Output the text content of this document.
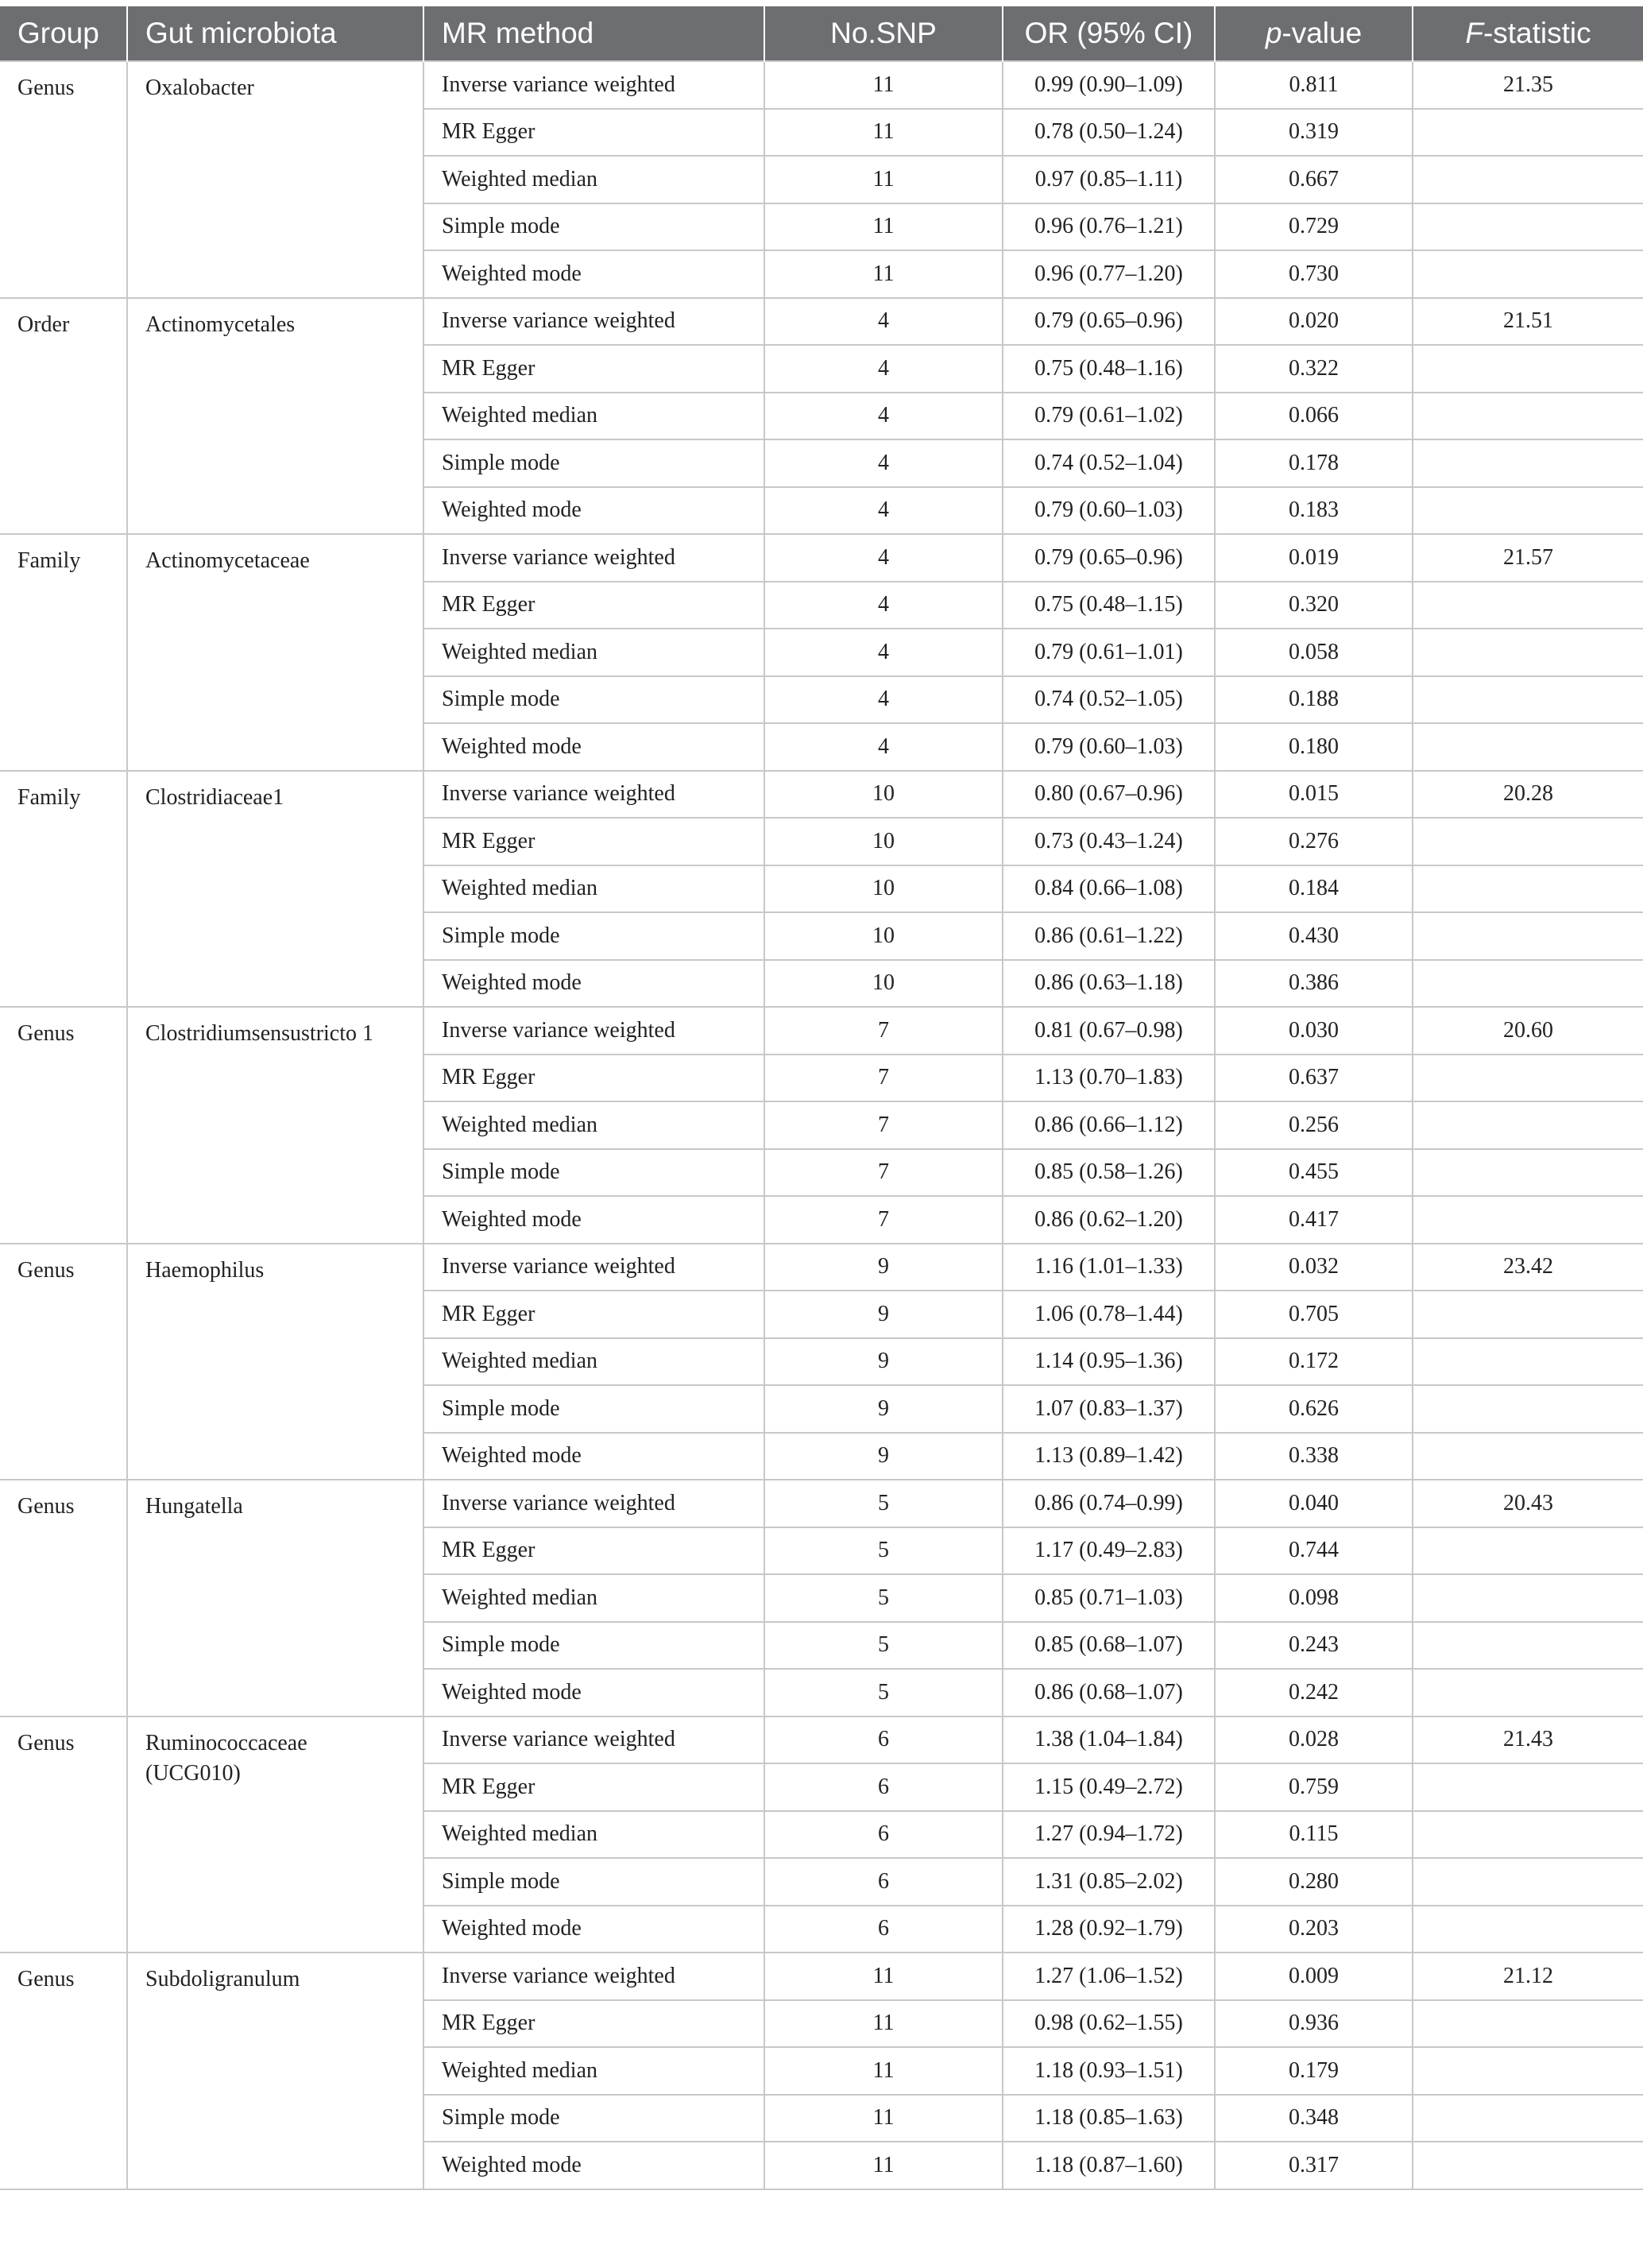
Group	Gut microbiota	MR method	No.SNP	OR (95% CI)	p-value	F-statistic
Genus	Oxalobacter	Inverse variance weighted	11	0.99 (0.90–1.09)	0.811	21.35
		MR Egger	11	0.78 (0.50–1.24)	0.319	
		Weighted median	11	0.97 (0.85–1.11)	0.667	
		Simple mode	11	0.96 (0.76–1.21)	0.729	
		Weighted mode	11	0.96 (0.77–1.20)	0.730	
Order	Actinomycetales	Inverse variance weighted	4	0.79 (0.65–0.96)	0.020	21.51
		MR Egger	4	0.75 (0.48–1.16)	0.322	
		Weighted median	4	0.79 (0.61–1.02)	0.066	
		Simple mode	4	0.74 (0.52–1.04)	0.178	
		Weighted mode	4	0.79 (0.60–1.03)	0.183	
Family	Actinomycetaceae	Inverse variance weighted	4	0.79 (0.65–0.96)	0.019	21.57
		MR Egger	4	0.75 (0.48–1.15)	0.320	
		Weighted median	4	0.79 (0.61–1.01)	0.058	
		Simple mode	4	0.74 (0.52–1.05)	0.188	
		Weighted mode	4	0.79 (0.60–1.03)	0.180	
Family	Clostridiaceae1	Inverse variance weighted	10	0.80 (0.67–0.96)	0.015	20.28
		MR Egger	10	0.73 (0.43–1.24)	0.276	
		Weighted median	10	0.84 (0.66–1.08)	0.184	
		Simple mode	10	0.86 (0.61–1.22)	0.430	
		Weighted mode	10	0.86 (0.63–1.18)	0.386	
Genus	Clostridiumsensustricto 1	Inverse variance weighted	7	0.81 (0.67–0.98)	0.030	20.60
		MR Egger	7	1.13 (0.70–1.83)	0.637	
		Weighted median	7	0.86 (0.66–1.12)	0.256	
		Simple mode	7	0.85 (0.58–1.26)	0.455	
		Weighted mode	7	0.86 (0.62–1.20)	0.417	
Genus	Haemophilus	Inverse variance weighted	9	1.16 (1.01–1.33)	0.032	23.42
		MR Egger	9	1.06 (0.78–1.44)	0.705	
		Weighted median	9	1.14 (0.95–1.36)	0.172	
		Simple mode	9	1.07 (0.83–1.37)	0.626	
		Weighted mode	9	1.13 (0.89–1.42)	0.338	
Genus	Hungatella	Inverse variance weighted	5	0.86 (0.74–0.99)	0.040	20.43
		MR Egger	5	1.17 (0.49–2.83)	0.744	
		Weighted median	5	0.85 (0.71–1.03)	0.098	
		Simple mode	5	0.85 (0.68–1.07)	0.243	
		Weighted mode	5	0.86 (0.68–1.07)	0.242	
Genus	Ruminococcaceae (UCG010)	Inverse variance weighted	6	1.38 (1.04–1.84)	0.028	21.43
		MR Egger	6	1.15 (0.49–2.72)	0.759	
		Weighted median	6	1.27 (0.94–1.72)	0.115	
		Simple mode	6	1.31 (0.85–2.02)	0.280	
		Weighted mode	6	1.28 (0.92–1.79)	0.203	
Genus	Subdoligranulum	Inverse variance weighted	11	1.27 (1.06–1.52)	0.009	21.12
		MR Egger	11	0.98 (0.62–1.55)	0.936	
		Weighted median	11	1.18 (0.93–1.51)	0.179	
		Simple mode	11	1.18 (0.85–1.63)	0.348	
		Weighted mode	11	1.18 (0.87–1.60)	0.317	
